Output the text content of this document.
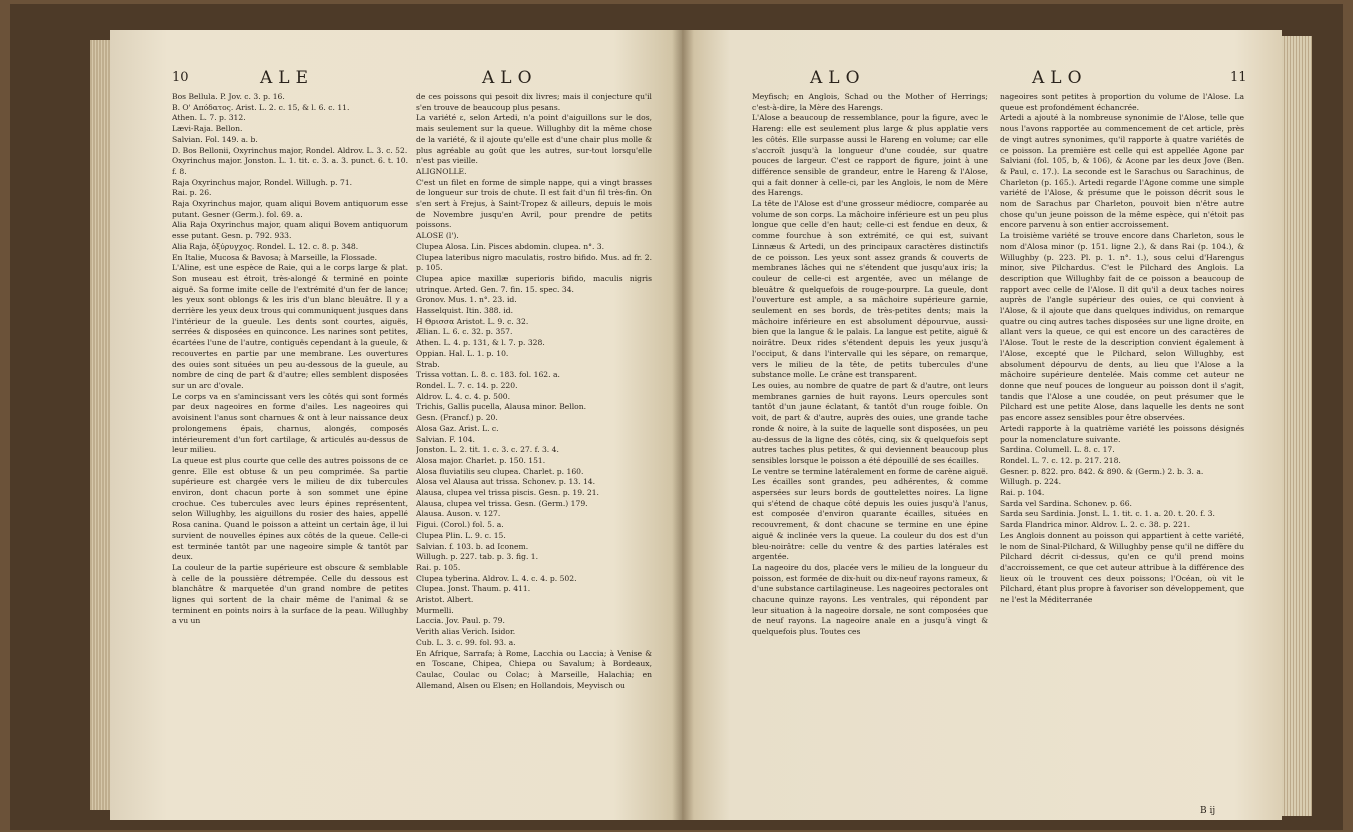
10	ALE	ALO

Bos Bellula. P. Jov. c. 3. p. 16.

B. O' Aπόδατος. Arist. L. 2. c. 15, & l. 6. c. 11.

Athen. L. 7. p. 312.

Lævi-Raja. Bellon.

Salvian. Fol. 149. a. b.

D. Bos Bellonii, Oxyrinchus major, Rondel. Aldrov. L. 3. c. 52.

Oxyrinchus major. Jonston. L. 1. tit. c. 3. a. 3. punct. 6. t. 10. f. 8.

Raja Oxyrinchus major, Rondel. Willugh. p. 71.

Rai. p. 26.

Raja Oxyrinchus major, quam aliqui Bovem antiquorum esse putant. Gesner (Germ.). fol. 69. a.

Alia Raja Oxyrinchus major, quam aliqui Bovem antiquorum esse putant. Gesn. p. 792. 933.

Alia Raja, ὀξύρυγχος. Rondel. L. 12. c. 8. p. 348.

En Italie, Mucosa & Bavosa; à Marseille, la Flossade.

L'Aline, est une espèce de Raie, qui a le corps large & plat. Son museau est étroit, très-alongé & terminé en pointe aiguë. Sa forme imite celle de l'extrémité d'un fer de lance; les yeux sont oblongs & les iris d'un blanc bleuâtre. Il y a derrière les yeux deux trous qui communiquent jusques dans l'intérieur de la gueule. Les dents sont courtes, aiguës, serrées & disposées en quinconce. Les narines sont petites, écartées l'une de l'autre, contiguës cependant à la gueule, & recouvertes en partie par une membrane. Les ouvertures des ouies sont situées un peu au-dessous de la gueule, au nombre de cinq de part & d'autre; elles semblent disposées sur un arc d'ovale.

Le corps va en s'amincissant vers les côtés qui sont formés par deux nageoires en forme d'ailes. Les nageoires qui avoisinent l'anus sont charnues & ont à leur naissance deux prolongemens épais, charnus, alongés, composés intérieurement d'un fort cartilage, & articulés au-dessus de leur milieu.

La queue est plus courte que celle des autres poissons de ce genre. Elle est obtuse & un peu comprimée. Sa partie supérieure est chargée vers le milieu de dix tubercules environ, dont chacun porte à son sommet une épine crochue. Ces tubercules avec leurs épines représentent, selon Willughby, les aiguillons du rosier des haies, appellé Rosa canina. Quand le poisson a atteint un certain âge, il lui survient de nouvelles épines aux côtés de la queue. Celle-ci est terminée tantôt par une nageoire simple & tantôt par deux.

La couleur de la partie supérieure est obscure & semblable à celle de la poussière détrempée. Celle du dessous est blanchâtre & marquetée d'un grand nombre de petites lignes qui sortent de la chair même de l'animal & se terminent en points noirs à la surface de la peau. Willughby a vu un

de ces poissons qui pesoit dix livres; mais il conjecture qu'il s'en trouve de beaucoup plus pesans.

La variété ε, selon Artedi, n'a point d'aiguillons sur le dos, mais seulement sur la queue. Willughby dit la même chose de la variété, & il ajoute qu'elle est d'une chair plus molle & plus agréable au goût que les autres, sur-tout lorsqu'elle n'est pas vieille.

ALIGNOLLE.

C'est un filet en forme de simple nappe, qui a vingt brasses de longueur sur trois de chute. Il est fait d'un fil très-fin. On s'en sert à Frejus, à Saint-Tropez & ailleurs, depuis le mois de Novembre jusqu'en Avril, pour prendre de petits poissons.

ALOSE (l').

Clupea Alosa. Lin. Pisces abdomin. clupea. n°. 3.

Clupea lateribus nigro maculatis, rostro bifido. Mus. ad fr. 2. p. 105.

Clupea apice maxillæ superioris bifido, maculis nigris utrinque. Arted. Gen. 7. fin. 15. spec. 34.

Gronov. Mus. 1. n°. 23. id.

Hasselquist. Itin. 388. id.

H Θρισσα Aristot. L. 9. c. 32.

Ælian. L. 6. c. 32. p. 357.

Athen. L. 4. p. 131, & l. 7. p. 328.

Oppian. Hal. L. 1. p. 10.

Strab.

Trissa vottan. L. 8. c. 183. fol. 162. a.

Rondel. L. 7. c. 14. p. 220.

Aldrov. L. 4. c. 4. p. 500.

Trichis, Gallis pucella, Alausa minor. Bellon.

Gesn. (Francf.) p. 20.

Alosa Gaz. Arist. L. c.

Salvian. F. 104.

Jonston. L. 2. tit. 1. c. 3. c. 27. f. 3. 4.

Alosa major. Charlet. p. 150. 151.

Alosa fluviatilis seu clupea. Charlet. p. 160.

Alosa vel Alausa aut trissa. Schonev. p. 13. 14.

Alausa, clupea vel trissa piscis. Gesn. p. 19. 21.

Alausa, clupea vel trissa. Gesn. (Germ.) 179.

Alausa. Auson. v. 127.

Figui. (Corol.) fol. 5. a.

Clupea Plin. L. 9. c. 15.

Salvian. f. 103. b. ad Iconem.

Willugh. p. 227. tab. p. 3. fig. 1.

Rai. p. 105.

Clupea tyberina. Aldrov. L. 4. c. 4. p. 502.

Clupea. Jonst. Thaum. p. 411.

Aristot. Albert.

Murmelli.

Laccia. Jov. Paul. p. 79.

Verith alias Verich. Isidor.

Cub. L. 3. c. 99. fol. 93. a.

En Afrique, Sarrafa; à Rome, Lacchia ou Laccia; à Venise & en Toscane, Chipea, Chiepa ou Savalum; à Bordeaux, Caulac, Coulac ou Colac; à Marseille, Halachia; en Allemand, Alsen ou Elsen; en Hollandois, Meyvisch ou

ALO	ALO	11

Meyfisch; en Anglois, Schad ou the Mother of Herrings; c'est-à-dire, la Mère des Harengs.

L'Alose a beaucoup de ressemblance, pour la figure, avec le Hareng: elle est seulement plus large & plus applatie vers les côtés. Elle surpasse aussi le Hareng en volume; car elle s'accroît jusqu'à la longueur d'une coudée, sur quatre pouces de largeur. C'est ce rapport de figure, joint à une différence sensible de grandeur, entre le Hareng & l'Alose, qui a fait donner à celle-ci, par les Anglois, le nom de Mère des Harengs.

La tête de l'Alose est d'une grosseur médiocre, comparée au volume de son corps. La mâchoire inférieure est un peu plus longue que celle d'en haut; celle-ci est fendue en deux, & comme fourchue à son extrémité, ce qui est, suivant Linnæus & Artedi, un des principaux caractères distinctifs de ce poisson. Les yeux sont assez grands & couverts de membranes lâches qui ne s'étendent que jusqu'aux iris; la couleur de celle-ci est argentée, avec un mélange de bleuâtre & quelquefois de rouge-pourpre. La gueule, dont l'ouverture est ample, a sa mâchoire supérieure garnie, seulement en ses bords, de très-petites dents; mais la mâchoire inférieure en est absolument dépourvue, aussi-bien que la langue & le palais. La langue est petite, aiguë & noirâtre. Deux rides s'étendent depuis les yeux jusqu'à l'occiput, & dans l'intervalle qui les sépare, on remarque, vers le milieu de la tête, de petits tubercules d'une substance molle. Le crâne est transparent.

Les ouies, au nombre de quatre de part & d'autre, ont leurs membranes garnies de huit rayons. Leurs opercules sont tantôt d'un jaune éclatant, & tantôt d'un rouge foible. On voit, de part & d'autre, auprès des ouies, une grande tache ronde & noire, à la suite de laquelle sont disposées, un peu au-dessus de la ligne des côtés, cinq, six & quelquefois sept autres taches plus petites, & qui deviennent beaucoup plus sensibles lorsque le poisson a été dépouillé de ses écailles.

Le ventre se termine latéralement en forme de carène aiguë. Les écailles sont grandes, peu adhérentes, & comme aspersées sur leurs bords de gouttelettes noires. La ligne qui s'étend de chaque côté depuis les ouies jusqu'à l'anus, est composée d'environ quarante écailles, situées en recouvrement, & dont chacune se termine en une épine aiguë & inclinée vers la queue. La couleur du dos est d'un bleu-noirâtre: celle du ventre & des parties latérales est argentée.

La nageoire du dos, placée vers le milieu de la longueur du poisson, est formée de dix-huit ou dix-neuf rayons rameux, & d'une substance cartilagineuse. Les nageoires pectorales ont chacune quinze rayons. Les ventrales, qui répondent par leur situation à la nageoire dorsale, ne sont composées que de neuf rayons. La nageoire anale en a jusqu'à vingt & quelquefois plus. Toutes ces

nageoires sont petites à proportion du volume de l'Alose. La queue est profondément échancrée.

Artedi a ajouté à la nombreuse synonimie de l'Alose, telle que nous l'avons rapportée au commencement de cet article, près de vingt autres synonimes, qu'il rapporte à quatre variétés de ce poisson. La première est celle qui est appellée Agone par Salviani (fol. 105, b, & 106), & Acone par les deux Jove (Ben. & Paul, c. 17.). La seconde est le Sarachus ou Sarachinus, de Charleton (p. 165.). Artedi regarde l'Agone comme une simple variété de l'Alose, & présume que le poisson décrit sous le nom de Sarachus par Charleton, pouvoit bien n'être autre chose qu'un jeune poisson de la même espèce, qui n'étoit pas encore parvenu à son entier accroissement.

La troisième variété se trouve encore dans Charleton, sous le nom d'Alosa minor (p. 151. ligne 2.), & dans Rai (p. 104.), & Willughby (p. 223. Pl. p. 1. n°. 1.), sous celui d'Harengus minor, sive Pilchardus. C'est le Pilchard des Anglois. La description que Willughby fait de ce poisson a beaucoup de rapport avec celle de l'Alose. Il dit qu'il a deux taches noires auprès de l'angle supérieur des ouies, ce qui convient à l'Alose, & il ajoute que dans quelques individus, on remarque quatre ou cinq autres taches disposées sur une ligne droite, en allant vers la queue, ce qui est encore un des caractères de l'Alose. Tout le reste de la description convient également à l'Alose, excepté que le Pilchard, selon Willughby, est absolument dépourvu de dents, au lieu que l'Alose a la mâchoire supérieure dentelée. Mais comme cet auteur ne donne que neuf pouces de longueur au poisson dont il s'agit, tandis que l'Alose a une coudée, on peut présumer que le Pilchard est une petite Alose, dans laquelle les dents ne sont pas encore assez sensibles pour être observées.

Artedi rapporte à la quatrième variété les poissons désignés pour la nomenclature suivante.

Sardina. Columell. L. 8. c. 17.

Rondel. L. 7. c. 12. p. 217. 218.

Gesner. p. 822. pro. 842. & 890. & (Germ.) 2. b. 3. a.

Willugh. p. 224.

Rai. p. 104.

Sarda vel Sardina. Schonev. p. 66.

Sarda seu Sardinia. Jonst. L. 1. tit. c. 1. a. 20. t. 20. f. 3.

Sarda Flandrica minor. Aldrov. L. 2. c. 38. p. 221.

Les Anglois donnent au poisson qui appartient à cette variété, le nom de Sinal-Pilchard, & Willughby pense qu'il ne diffère du Pilchard décrit ci-dessus, qu'en ce qu'il prend moins d'accroissement, ce que cet auteur attribue à la différence des lieux où le trouvent ces deux poissons; l'Océan, où vit le Pilchard, étant plus propre à favoriser son développement, que ne l'est la Méditerranée

B ij
